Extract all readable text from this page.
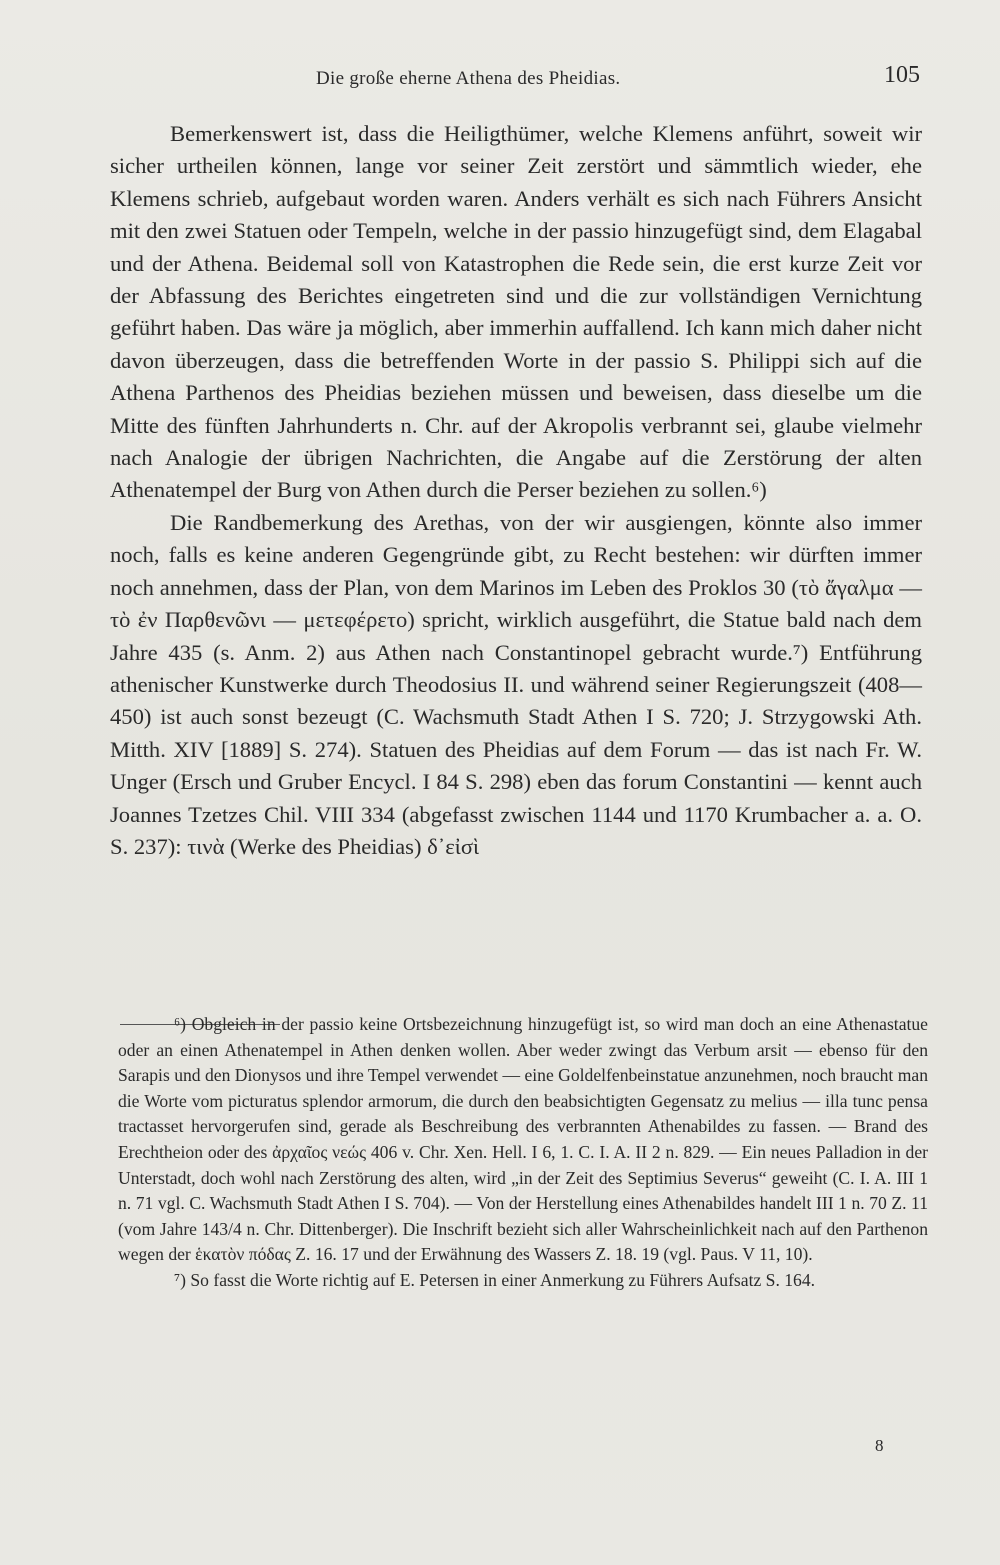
Die große eherne Athena des Pheidias.	105

Bemerkenswert ist, dass die Heiligthümer, welche Klemens anführt, soweit wir sicher urtheilen können, lange vor seiner Zeit zerstört und sämmtlich wieder, ehe Klemens schrieb, aufgebaut worden waren. Anders verhält es sich nach Führers Ansicht mit den zwei Statuen oder Tempeln, welche in der passio hinzugefügt sind, dem Elagabal und der Athena. Beidemal soll von Katastrophen die Rede sein, die erst kurze Zeit vor der Abfassung des Berichtes eingetreten sind und die zur vollständigen Vernichtung geführt haben. Das wäre ja möglich, aber immerhin auffallend. Ich kann mich daher nicht davon überzeugen, dass die betreffenden Worte in der passio S. Philippi sich auf die Athena Parthenos des Pheidias beziehen müssen und beweisen, dass dieselbe um die Mitte des fünften Jahrhunderts n. Chr. auf der Akropolis verbrannt sei, glaube vielmehr nach Analogie der übrigen Nachrichten, die Angabe auf die Zerstörung der alten Athenatempel der Burg von Athen durch die Perser beziehen zu sollen.⁶)

Die Randbemerkung des Arethas, von der wir ausgiengen, könnte also immer noch, falls es keine anderen Gegengründe gibt, zu Recht bestehen: wir dürften immer noch annehmen, dass der Plan, von dem Marinos im Leben des Proklos 30 (τὸ ἄγαλμα — τὸ ἐν Παρθενῶνι — μετεφέρετο) spricht, wirklich ausgeführt, die Statue bald nach dem Jahre 435 (s. Anm. 2) aus Athen nach Constantinopel gebracht wurde.⁷) Entführung athenischer Kunstwerke durch Theodosius II. und während seiner Regierungszeit (408—450) ist auch sonst bezeugt (C. Wachsmuth Stadt Athen I S. 720; J. Strzygowski Ath. Mitth. XIV [1889] S. 274). Statuen des Pheidias auf dem Forum — das ist nach Fr. W. Unger (Ersch und Gruber Encycl. I 84 S. 298) eben das forum Constantini — kennt auch Joannes Tzetzes Chil. VIII 334 (abgefasst zwischen 1144 und 1170 Krumbacher a. a. O. S. 237): τινὰ (Werke des Pheidias) δ᾽εἰσὶ

⁶) Obgleich in der passio keine Ortsbezeichnung hinzugefügt ist, so wird man doch an eine Athenastatue oder an einen Athenatempel in Athen denken wollen. Aber weder zwingt das Verbum arsit — ebenso für den Sarapis und den Dionysos und ihre Tempel verwendet — eine Goldelfenbeinstatue anzunehmen, noch braucht man die Worte vom picturatus splendor armorum, die durch den beabsichtigten Gegensatz zu melius — illa tunc pensa tractasset hervorgerufen sind, gerade als Beschreibung des verbrannten Athenabildes zu fassen. — Brand des Erechtheion oder des ἀρχαῖος νεώς 406 v. Chr. Xen. Hell. I 6, 1. C. I. A. II 2 n. 829. — Ein neues Palladion in der Unterstadt, doch wohl nach Zerstörung des alten, wird „in der Zeit des Septimius Severus“ geweiht (C. I. A. III 1 n. 71 vgl. C. Wachsmuth Stadt Athen I S. 704). — Von der Herstellung eines Athenabildes handelt III 1 n. 70 Z. 11 (vom Jahre 143/4 n. Chr. Dittenberger). Die Inschrift bezieht sich aller Wahrscheinlichkeit nach auf den Parthenon wegen der ἑκατὸν πόδας Z. 16. 17 und der Erwähnung des Wassers Z. 18. 19 (vgl. Paus. V 11, 10).

⁷) So fasst die Worte richtig auf E. Petersen in einer Anmerkung zu Führers Aufsatz S. 164.

8
